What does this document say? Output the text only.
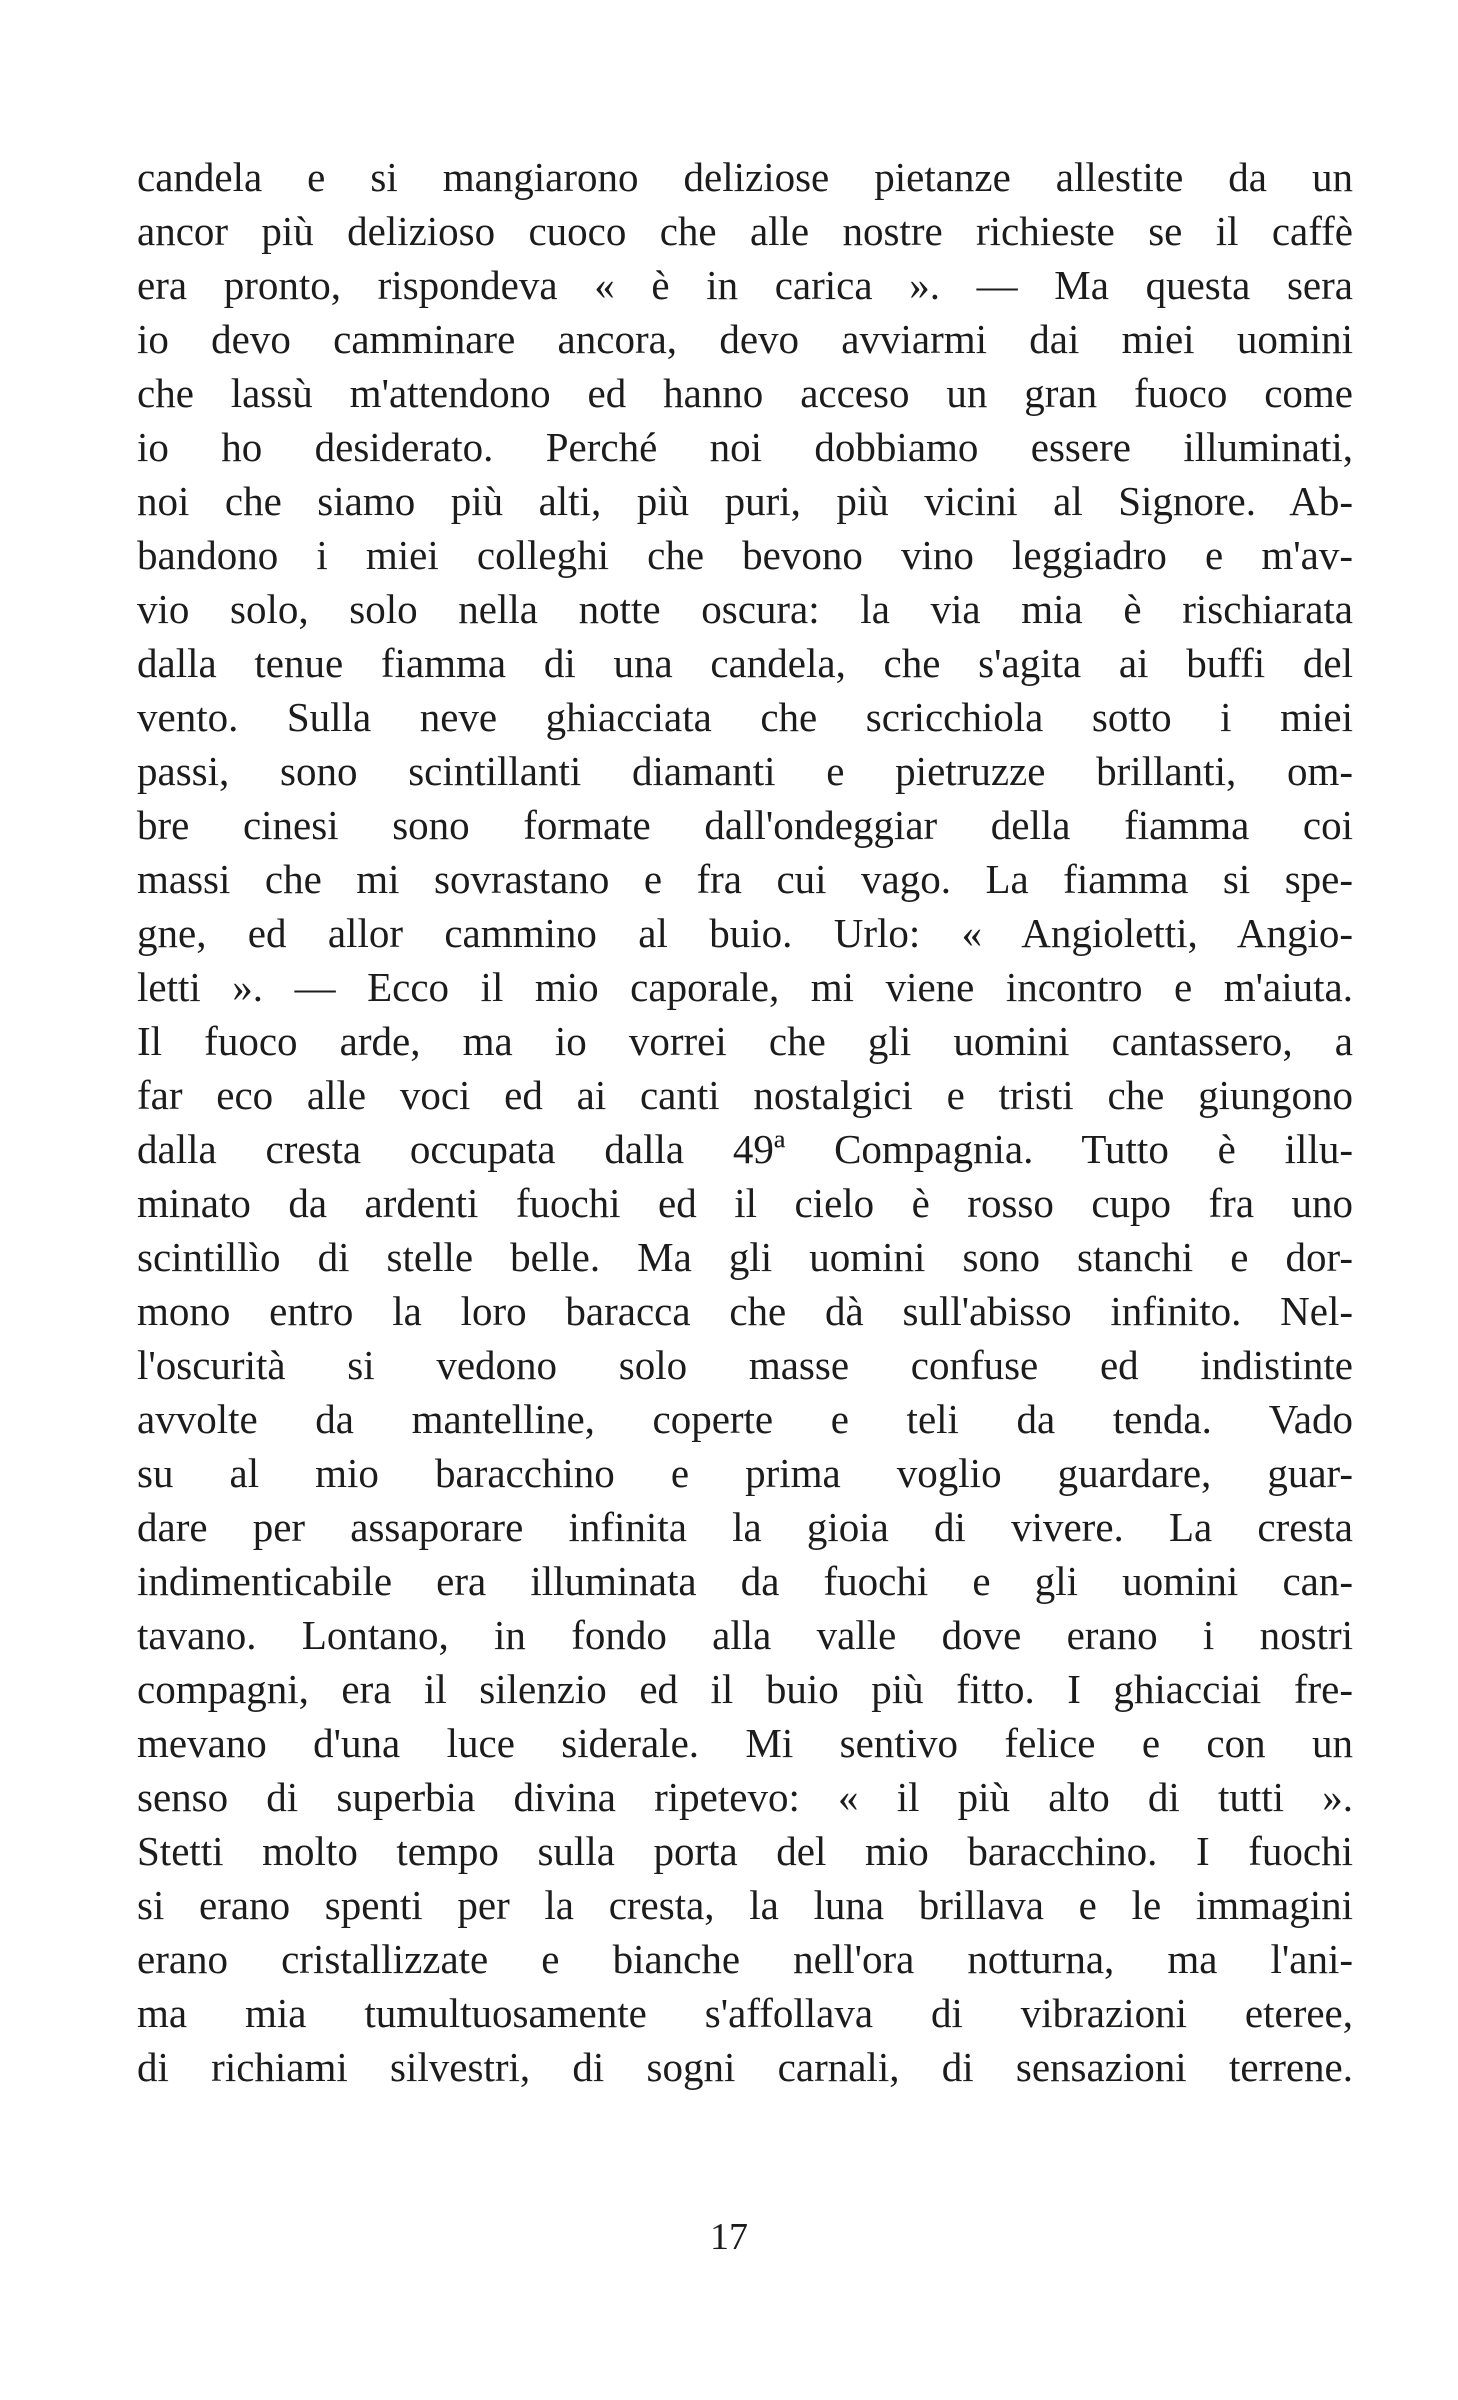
candela e si mangiarono deliziose pietanze allestite da un
ancor più delizioso cuoco che alle nostre richieste se il caffè
era pronto, rispondeva « è in carica ». — Ma questa sera
io devo camminare ancora, devo avviarmi dai miei uomini
che lassù m'attendono ed hanno acceso un gran fuoco come
io ho desiderato. Perché noi dobbiamo essere illuminati,
noi che siamo più alti, più puri, più vicini al Signore. Ab-
bandono i miei colleghi che bevono vino leggiadro e m'av-
vio solo, solo nella notte oscura: la via mia è rischiarata
dalla tenue fiamma di una candela, che s'agita ai buffi del
vento. Sulla neve ghiacciata che scricchiola sotto i miei
passi, sono scintillanti diamanti e pietruzze brillanti, om-
bre cinesi sono formate dall'ondeggiar della fiamma coi
massi che mi sovrastano e fra cui vago. La fiamma si spe-
gne, ed allor cammino al buio. Urlo: « Angioletti, Angio-
letti ». — Ecco il mio caporale, mi viene incontro e m'aiuta.
Il fuoco arde, ma io vorrei che gli uomini cantassero, a
far eco alle voci ed ai canti nostalgici e tristi che giungono
dalla cresta occupata dalla 49ª Compagnia. Tutto è illu-
minato da ardenti fuochi ed il cielo è rosso cupo fra uno
scintillìo di stelle belle. Ma gli uomini sono stanchi e dor-
mono entro la loro baracca che dà sull'abisso infinito. Nel-
l'oscurità si vedono solo masse confuse ed indistinte
avvolte da mantelline, coperte e teli da tenda. Vado
su al mio baracchino e prima voglio guardare, guar-
dare per assaporare infinita la gioia di vivere. La cresta
indimenticabile era illuminata da fuochi e gli uomini can-
tavano. Lontano, in fondo alla valle dove erano i nostri
compagni, era il silenzio ed il buio più fitto. I ghiacciai fre-
mevano d'una luce siderale. Mi sentivo felice e con un
senso di superbia divina ripetevo: « il più alto di tutti ».
Stetti molto tempo sulla porta del mio baracchino. I fuochi
si erano spenti per la cresta, la luna brillava e le immagini
erano cristallizzate e bianche nell'ora notturna, ma l'ani-
ma mia tumultuosamente s'affollava di vibrazioni eteree,
di richiami silvestri, di sogni carnali, di sensazioni terrene.
17
